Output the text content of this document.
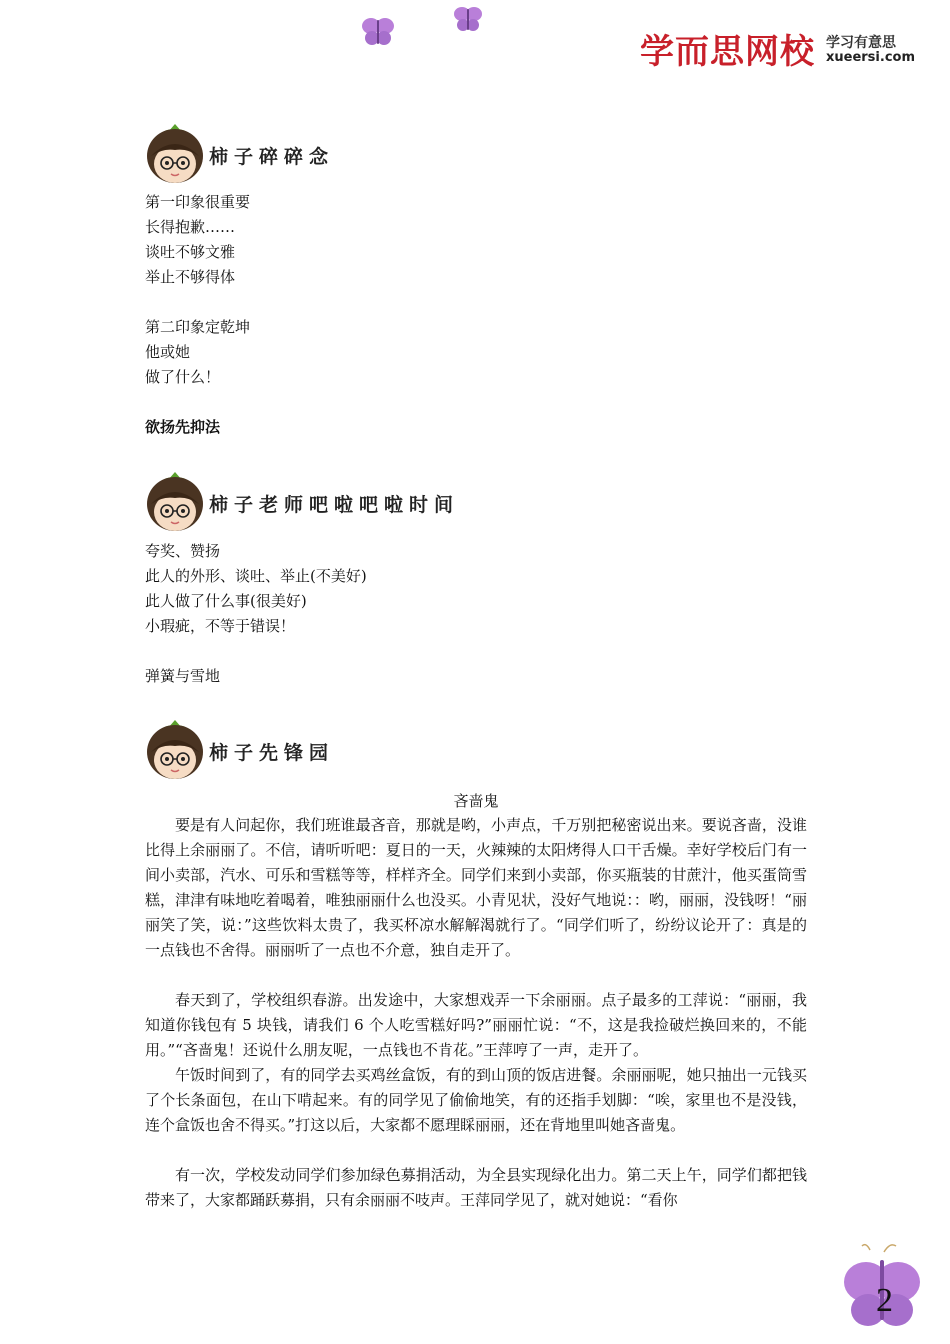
学而思网校 学习有意思
xueersi.com
柿子碎碎念
第一印象很重要
长得抱歉……
谈吐不够文雅
举止不够得体
第二印象定乾坤
他或她
做了什么！
欲扬先抑法
柿子老师吧啦吧啦时间
夸奖、赞扬
此人的外形、谈吐、举止(不美好)
此人做了什么事(很美好)
小瑕疵，不等于错误！
弹簧与雪地
柿子先锋园
吝啬鬼

要是有人问起你，我们班谁最吝音，那就是哟，小声点，千万别把秘密说出来。要说吝啬，没谁比得上余丽丽了。不信，请听听吧：夏日的一天，火辣辣的太阳烤得人口干舌燥。幸好学校后门有一间小卖部，汽水、可乐和雪糕等等，样样齐全。同学们来到小卖部，你买瓶装的甘蔗汁，他买蛋筒雪糕，津津有味地吃着喝着，唯独丽丽什么也没买。小青见状，没好气地说：：哟，丽丽，没钱呀！“丽丽笑了笑，说：”这些饮料太贵了，我买杯凉水解解渴就行了。“同学们听了，纷纷议论开了：真是的一点钱也不舍得。丽丽听了一点也不介意，独自走开了。

春天到了，学校组织春游。出发途中，大家想戏弄一下余丽丽。点子最多的工萍说：“丽丽，我知道你钱包有 5 块钱，请我们 6 个人吃雪糕好吗?”丽丽忙说：“不，这是我捡破烂换回来的，不能用。”“吝啬鬼！还说什么朋友呢，一点钱也不肯花。”王萍哼了一声，走开了。

午饭时间到了，有的同学去买鸡丝盒饭，有的到山顶的饭店进餐。余丽丽呢，她只抽出一元钱买了个长条面包，在山下啃起来。有的同学见了偷偷地笑，有的还指手划脚：“唉，家里也不是没钱，连个盒饭也舍不得买。”打这以后，大家都不愿理睬丽丽，还在背地里叫她吝啬鬼。

有一次，学校发动同学们参加绿色募捐活动，为全县实现绿化出力。第二天上午，同学们都把钱带来了，大家都踊跃募捐，只有余丽丽不吱声。王萍同学见了，就对她说：“看你

2
